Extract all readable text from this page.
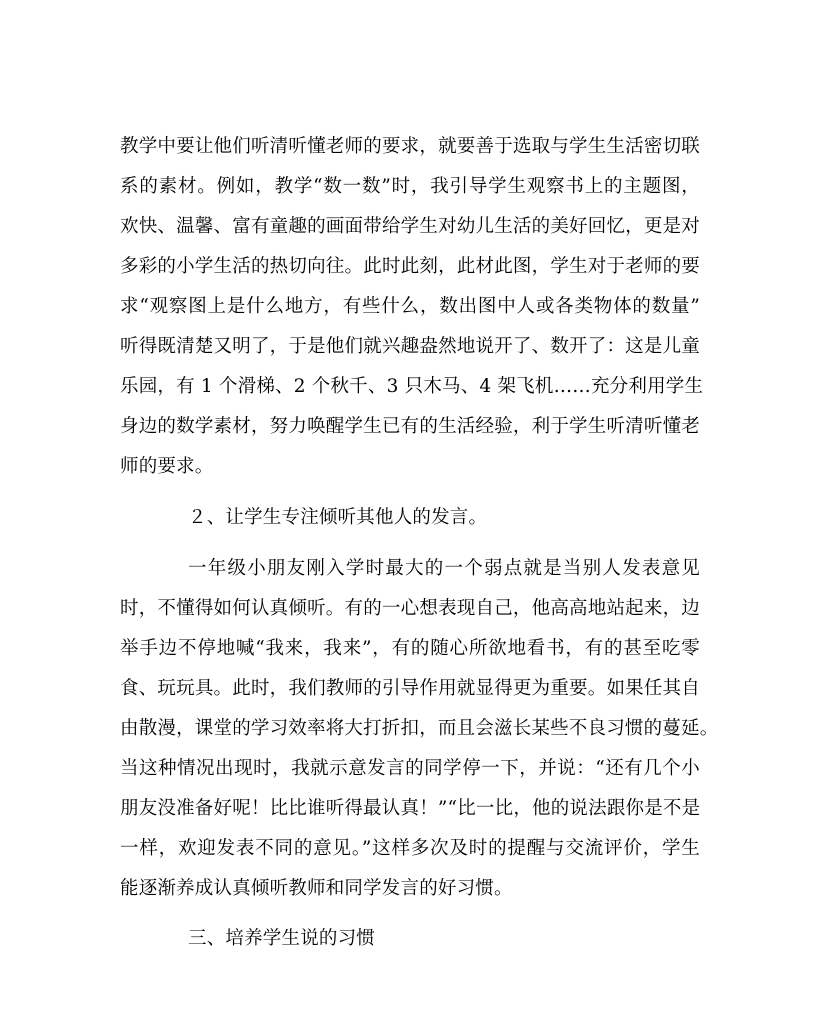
教学中要让他们听清听懂老师的要求，就要善于选取与学生生活密切联
系的素材。例如，教学“数一数”时，我引导学生观察书上的主题图，
欢快、温馨、富有童趣的画面带给学生对幼儿生活的美好回忆，更是对
多彩的小学生活的热切向往。此时此刻，此材此图，学生对于老师的要
求“观察图上是什么地方，有些什么，数出图中人或各类物体的数量”
听得既清楚又明了，于是他们就兴趣盎然地说开了、数开了：这是儿童
乐园，有 1 个滑梯、2 个秋千、3 只木马、4 架飞机……充分利用学生
身边的数学素材，努力唤醒学生已有的生活经验，利于学生听清听懂老
师的要求。
２、让学生专注倾听其他人的发言。
一年级小朋友刚入学时最大的一个弱点就是当别人发表意见
时，不懂得如何认真倾听。有的一心想表现自己，他高高地站起来，边
举手边不停地喊“我来，我来”，有的随心所欲地看书，有的甚至吃零
食、玩玩具。此时，我们教师的引导作用就显得更为重要。如果任其自
由散漫，课堂的学习效率将大打折扣，而且会滋长某些不良习惯的蔓延。
当这种情况出现时，我就示意发言的同学停一下，并说：“还有几个小
朋友没准备好呢！比比谁听得最认真！”“比一比，他的说法跟你是不是
一样，欢迎发表不同的意见。”这样多次及时的提醒与交流评价，学生
能逐渐养成认真倾听教师和同学发言的好习惯。
三、培养学生说的习惯
